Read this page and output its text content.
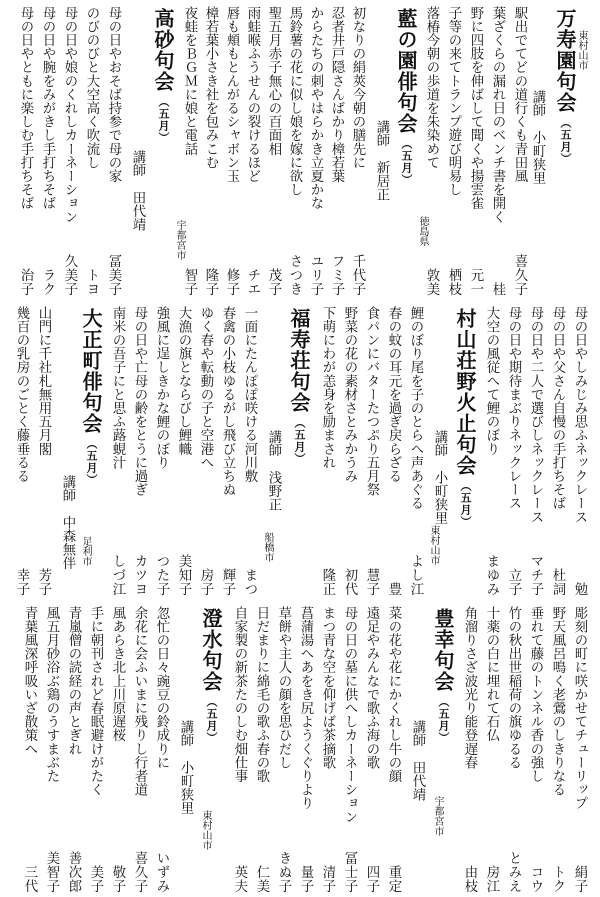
万寿園句会（五月）
講師小町狭里
東村山市
駅出でてどの道行くも青田風
喜久子
葉ざくらの漏れ日のベンチ書を開く
桂
野に四肢を伸ばして聞くや揚雲雀
元一
子等の来てトランプ遊び明易し
栖枝
落椿今朝の歩道を朱染めて
敦美
藍の園俳句会（五月）
講師新居正
徳島県
初なりの絹莢今朝の膳先に
千代子
忍者井戸隠さんばかり樟若葉
フミ子
からたちの刺やはらかき立夏かな
ユリ子
馬鈴薯の花に似し娘を嫁に欲し
さつき
聖五月赤子無心の百面相
茂子
雨蛙喉ふうせんの裂けるほど
チエ
唇も頬もとんがるシャボン玉
修子
樟若葉小さき社を包みこむ
隆子
夜蛙をＢＧＭに娘と電話
智子
高砂句会（五月）
講師田代靖
宇都宮市
母の日やおそば持参で母の家
冨美子
のびのびと大空高く吹流し
トヨ
母の日や娘のくれしカーネーション
久美子
母の日や腕をみがきし手打ちそば
ラク
母の日やともに楽しむ手打ちそば
治子
母の日やしみじみ思ふネックレース
勉
母の日や父さん自慢の手打ちそば
杜詞
母の日や二人で選びしネックレース
マチ子
母の日や期待まぶりネックレース
立子
大空の風従へて鯉のぼり
まゆみ
村山荘野火止句会（五月）
講師小町狭里
東村山市
鯉のぼり尾を子のとらへ声あぐる
よし江
春の蚊の耳元を過ぎ戻らざる
豊
食パンにバターたつぷり五月祭
慧子
野菜の花の素材さとみかうみ
初代
下萌にわが恙身を励まされ
隆正
福寿荘句会（五月）
講師浅野正
船橋市
一面にたんぽぽ咲ける河川敷
まつ
春禽の小枝ゆるがし飛び立ちぬ
輝子
ゆく春や転動の子と空港へ
房子
大漁の旗とならびし鯉幟
美知子
強風に逞しきかな鯉のぼり
つた子
母の日や亡母の齢をとうに過ぎ
カツヨ
南米の吾子にと思ふ蕗蜆汁
しづ江
大正町俳句会（五月）
講師中森無伴 足利市
山門に千社札無用五月閣
芳子
幾百の乳房のごとく藤垂るる
幸子
彫刻の町に咲かせてチューリップ
絹子
野天風呂鳴く老鶯のしきりなる
トク
垂れて藤のトンネル香の強し
コウ
竹の秋出世稲荷の旗ゆるる
とみえ
十薬の白に埋れて石仏
房江
角溜りさざ波光り能登遅春
由枝
豊幸句会（五月）
講師田代靖
宇都宮市
菜の花や花にかくれし牛の顔
重定
遠足やみんなで歌ふ海の歌
四子
母の日の墓に供へしカーネーション
冨士子
まつ青な空を仰げば茶摘歌
清子
菖蒲湯へあをき尻ようくぐりより
量子
草餅や主人の顔を思ひだし
きぬ子
日だまりに綿毛の歌ふ春の歌
仁美
自家製の新茶たのしむ畑仕事
英夫
澄水句会（五月）
講師小町狭里
東村山市
忽忙の日々豌豆の鈴成りに
いずみ
余花に会ふいまに残りし行者道
喜久子
風あらき北上川原遅桜
敬子
手に朝刊されど春眠避けがたく
美子
青嵐僧の読経の声とぎれ
善次郎
風五月砂浴ぶ鶏のうすまぶた
美智子
青葉風深呼吸いざ散策へ
三代
